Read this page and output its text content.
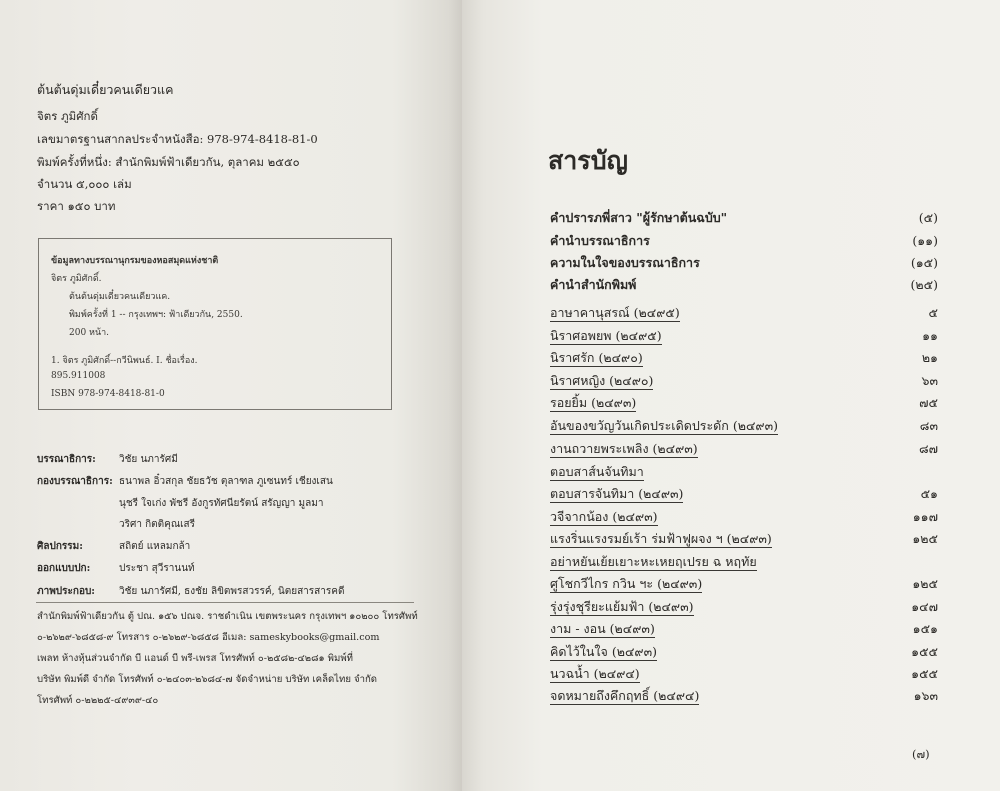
ต้นต้นดุ่มเดี๋ยวคนเดียวแค
จิตร ภูมิศักดิ์
เลขมาตรฐานสากลประจำหนังสือ: 978-974-8418-81-0
พิมพ์ครั้งที่หนึ่ง: สำนักพิมพ์ฟ้าเดียวกัน, ตุลาคม ๒๕๕๐
จำนวน ๕,๐๐๐ เล่ม
ราคา ๑๕๐ บาท
ข้อมูลทางบรรณานุกรมของหอสมุดแห่งชาติ
จิตร ภูมิศักดิ์.
ต้นต้นดุ่มเดี๋ยวคนเดียวแค.
พิมพ์ครั้งที่ 1 -- กรุงเทพฯ: ฟ้าเดียวกัน, 2550.
200 หน้า.
1. จิตร ภูมิศักดิ์--กวีนิพนธ์. I. ชื่อเรื่อง.
895.911008
ISBN 978-974-8418-81-0
บรรณาธิการ: วิชัย นภารัศมี
กองบรรณาธิการ: ธนาพล อิ๋วสกุล ชัยธวัช ตุลาฑล ภูเซนทร์ เชียงเสน
นุชรี ใจเก่ง พัชรี อังกูรทัศนียรัตน์ สรัญญา มูลมา
วริศา กิตติคุณเสรี
ศิลปกรรม:	สถิตย์ แหลมกล้า
ออกแบบปก:	ประชา สุวีรานนท์
ภาพประกอบ: วิชัย นภารัศมี, ธงชัย ลิขิตพรสวรรค์, นิตยสารสารคดี
สำนักพิมพ์ฟ้าเดียวกัน ตู้ ปณ. ๑๕๖ ปณจ. ราชดำเนิน เขตพระนคร กรุงเทพฯ ๑๐๒๐๐ โทรศัพท์
๐-๒๖๒๙-๖๘๕๘-๙ โทรสาร ๐-๒๖๒๙-๖๘๕๘ อีเมล: sameskybooks@gmail.com
เพลท ห้างหุ้นส่วนจำกัด บี แอนด์ บี พรี-เพรส โทรศัพท์ ๐-๒๕๘๒-๔๒๘๑ พิมพ์ที่
บริษัท พิมพ์ดี จำกัด โทรศัพท์ ๐-๒๔๐๓-๒๖๘๔-๗ จัดจำหน่าย บริษัท เคล็ดไทย จำกัด
โทรศัพท์ ๐-๒๒๒๕-๔๙๓๙-๔๐
สารบัญ
คำปรารภพี่สาว "ผู้รักษาต้นฉบับ"	(๕)
คำนำบรรณาธิการ	(๑๑)
ความในใจของบรรณาธิการ	(๑๕)
คำนำสำนักพิมพ์	(๒๕)
อาษาคานุสรณ์ (๒๔๙๕)	๕
นิราศอพยพ (๒๔๙๕)	๑๑
นิราศรัก (๒๔๙๐)	๒๑
นิราศหญิง (๒๔๙๐)	๖๓
รอยยิ้ม (๒๔๙๓)	๗๕
อันของขวัญวันเกิดประเดิดประดัก (๒๔๙๓)	๘๓
งานถวายพระเพลิง (๒๔๙๓)	๘๗
ตอบสาส์นจันทิมา
ตอบสารจันทิมา (๒๔๙๓)	๕๑
วจีจากน้อง (๒๔๙๓)	๑๑๗
แรงริ่นแรงรมย์เร้า ร่มฟ้าฟูผจง ฯ (๒๔๙๓)	๑๒๕
อย่าหยันเย้ยเยาะหะเหยฤเปรย ฉ หฤทัย
ศูโชกวีไกร กวิน ฯะ (๒๔๙๓)	๑๒๕
รุ่งรุ่งชุรียะแย้มฟ้า (๒๔๙๓)	๑๔๗
งาม - งอน (๒๔๙๓)	๑๕๑
คิดไว้ในใจ (๒๔๙๓)	๑๕๕
นวฉน้ำ (๒๔๙๔)	๑๕๕
จดหมายถึงคึกฤทธิ์ (๒๔๙๔)	๑๖๓
(๗)
